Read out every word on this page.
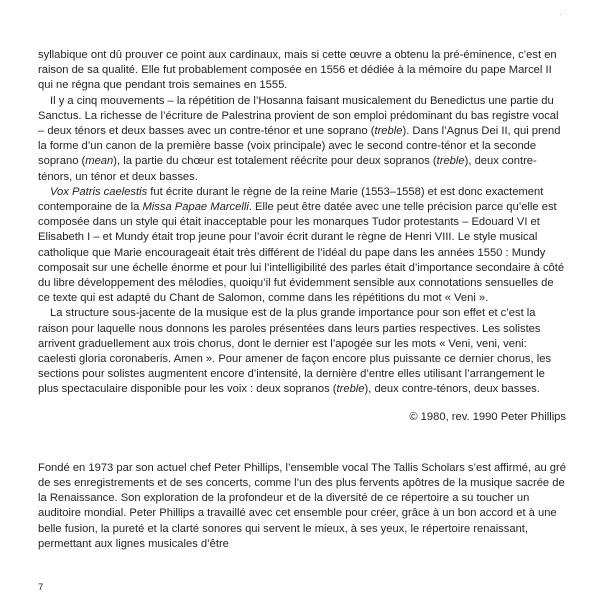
syllabique ont dû prouver ce point aux cardinaux, mais si cette œuvre a obtenu la pré-éminence, c’est en raison de sa qualité. Elle fut probablement composée en 1556 et dédiée à la mémoire du pape Marcel II qui ne régna que pendant trois semaines en 1555.

Il y a cinq mouvements – la répétition de l’Hosanna faisant musicalement du Benedictus une partie du Sanctus. La richesse de l’écriture de Palestrina provient de son emploi prédominant du bas registre vocal – deux ténors et deux basses avec un contre-ténor et une soprano (treble). Dans l’Agnus Dei II, qui prend la forme d’un canon de la première basse (voix principale) avec le second contre-ténor et la seconde soprano (mean), la partie du chœur est totalement réécrite pour deux sopranos (treble), deux contre-ténors, un ténor et deux basses.

Vox Patris caelestis fut écrite durant le règne de la reine Marie (1553–1558) et est donc exactement contemporaine de la Missa Papae Marcelli. Elle peut être datée avec une telle précision parce qu’elle est composée dans un style qui était inacceptable pour les monarques Tudor protestants – Edouard VI et Elisabeth I – et Mundy était trop jeune pour l’avoir écrit durant le règne de Henri VIII. Le style musical catholique que Marie encourageait était très différent de l’idéal du pape dans les années 1550 : Mundy composait sur une échelle énorme et pour lui l’intelligibilité des parles était d’importance secondaire à côté du libre développement des mélodies, quoiqu’il fut évidemment sensible aux connotations sensuelles de ce texte qui est adapté du Chant de Salomon, comme dans les répétitions du mot « Veni ».

La structure sous-jacente de la musique est de la plus grande importance pour son effet et c’est la raison pour laquelle nous donnons les paroles présentées dans leurs parties respectives. Les solistes arrivent graduellement aux trois chorus, dont le dernier est l’apogée sur les mots « Veni, veni, veni: caelesti gloria coronaberis. Amen ». Pour amener de façon encore plus puissante ce dernier chorus, les sections pour solistes augmentent encore d’intensité, la dernière d’entre elles utilisant l’arrangement le plus spectaculaire disponible pour les voix : deux sopranos (treble), deux contre-ténors, deux basses.

© 1980, rev. 1990 Peter Phillips

Fondé en 1973 par son actuel chef Peter Phillips, l’ensemble vocal The Tallis Scholars s’est affirmé, au gré de ses enregistrements et de ses concerts, comme l’un des plus fervents apôtres de la musique sacrée de la Renaissance. Son exploration de la profondeur et de la diversité de ce répertoire a su toucher un auditoire mondial. Peter Phillips a travaillé avec cet ensemble pour créer, grâce à un bon accord et à une belle fusion, la pureté et la clarté sonores qui servent le mieux, à ses yeux, le répertoire renaissant, permettant aux lignes musicales d’être

7
